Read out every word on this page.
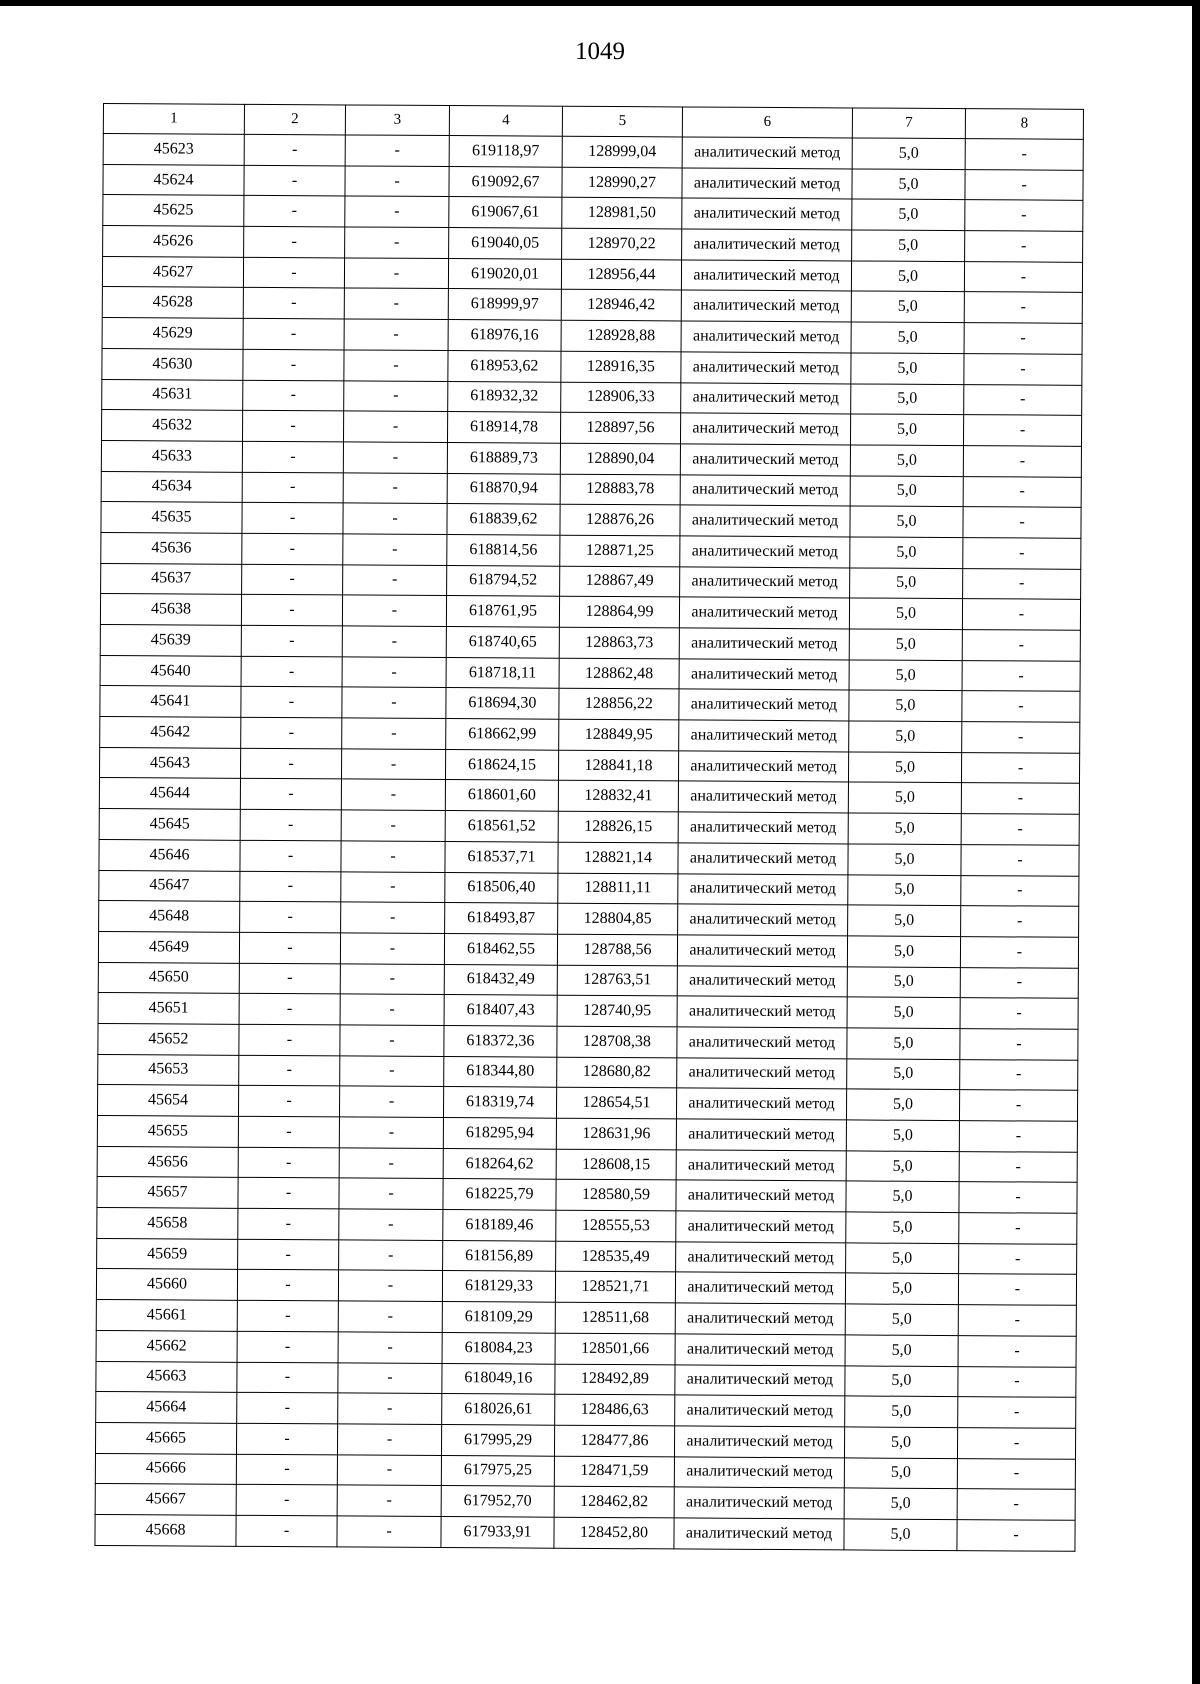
1049
1	2	3	4	5	6	7	8
45623	-	-	619118,97	128999,04	аналитический метод	5,0	-
45624	-	-	619092,67	128990,27	аналитический метод	5,0	-
45625	-	-	619067,61	128981,50	аналитический метод	5,0	-
45626	-	-	619040,05	128970,22	аналитический метод	5,0	-
45627	-	-	619020,01	128956,44	аналитический метод	5,0	-
45628	-	-	618999,97	128946,42	аналитический метод	5,0	-
45629	-	-	618976,16	128928,88	аналитический метод	5,0	-
45630	-	-	618953,62	128916,35	аналитический метод	5,0	-
45631	-	-	618932,32	128906,33	аналитический метод	5,0	-
45632	-	-	618914,78	128897,56	аналитический метод	5,0	-
45633	-	-	618889,73	128890,04	аналитический метод	5,0	-
45634	-	-	618870,94	128883,78	аналитический метод	5,0	-
45635	-	-	618839,62	128876,26	аналитический метод	5,0	-
45636	-	-	618814,56	128871,25	аналитический метод	5,0	-
45637	-	-	618794,52	128867,49	аналитический метод	5,0	-
45638	-	-	618761,95	128864,99	аналитический метод	5,0	-
45639	-	-	618740,65	128863,73	аналитический метод	5,0	-
45640	-	-	618718,11	128862,48	аналитический метод	5,0	-
45641	-	-	618694,30	128856,22	аналитический метод	5,0	-
45642	-	-	618662,99	128849,95	аналитический метод	5,0	-
45643	-	-	618624,15	128841,18	аналитический метод	5,0	-
45644	-	-	618601,60	128832,41	аналитический метод	5,0	-
45645	-	-	618561,52	128826,15	аналитический метод	5,0	-
45646	-	-	618537,71	128821,14	аналитический метод	5,0	-
45647	-	-	618506,40	128811,11	аналитический метод	5,0	-
45648	-	-	618493,87	128804,85	аналитический метод	5,0	-
45649	-	-	618462,55	128788,56	аналитический метод	5,0	-
45650	-	-	618432,49	128763,51	аналитический метод	5,0	-
45651	-	-	618407,43	128740,95	аналитический метод	5,0	-
45652	-	-	618372,36	128708,38	аналитический метод	5,0	-
45653	-	-	618344,80	128680,82	аналитический метод	5,0	-
45654	-	-	618319,74	128654,51	аналитический метод	5,0	-
45655	-	-	618295,94	128631,96	аналитический метод	5,0	-
45656	-	-	618264,62	128608,15	аналитический метод	5,0	-
45657	-	-	618225,79	128580,59	аналитический метод	5,0	-
45658	-	-	618189,46	128555,53	аналитический метод	5,0	-
45659	-	-	618156,89	128535,49	аналитический метод	5,0	-
45660	-	-	618129,33	128521,71	аналитический метод	5,0	-
45661	-	-	618109,29	128511,68	аналитический метод	5,0	-
45662	-	-	618084,23	128501,66	аналитический метод	5,0	-
45663	-	-	618049,16	128492,89	аналитический метод	5,0	-
45664	-	-	618026,61	128486,63	аналитический метод	5,0	-
45665	-	-	617995,29	128477,86	аналитический метод	5,0	-
45666	-	-	617975,25	128471,59	аналитический метод	5,0	-
45667	-	-	617952,70	128462,82	аналитический метод	5,0	-
45668	-	-	617933,91	128452,80	аналитический метод	5,0	-
